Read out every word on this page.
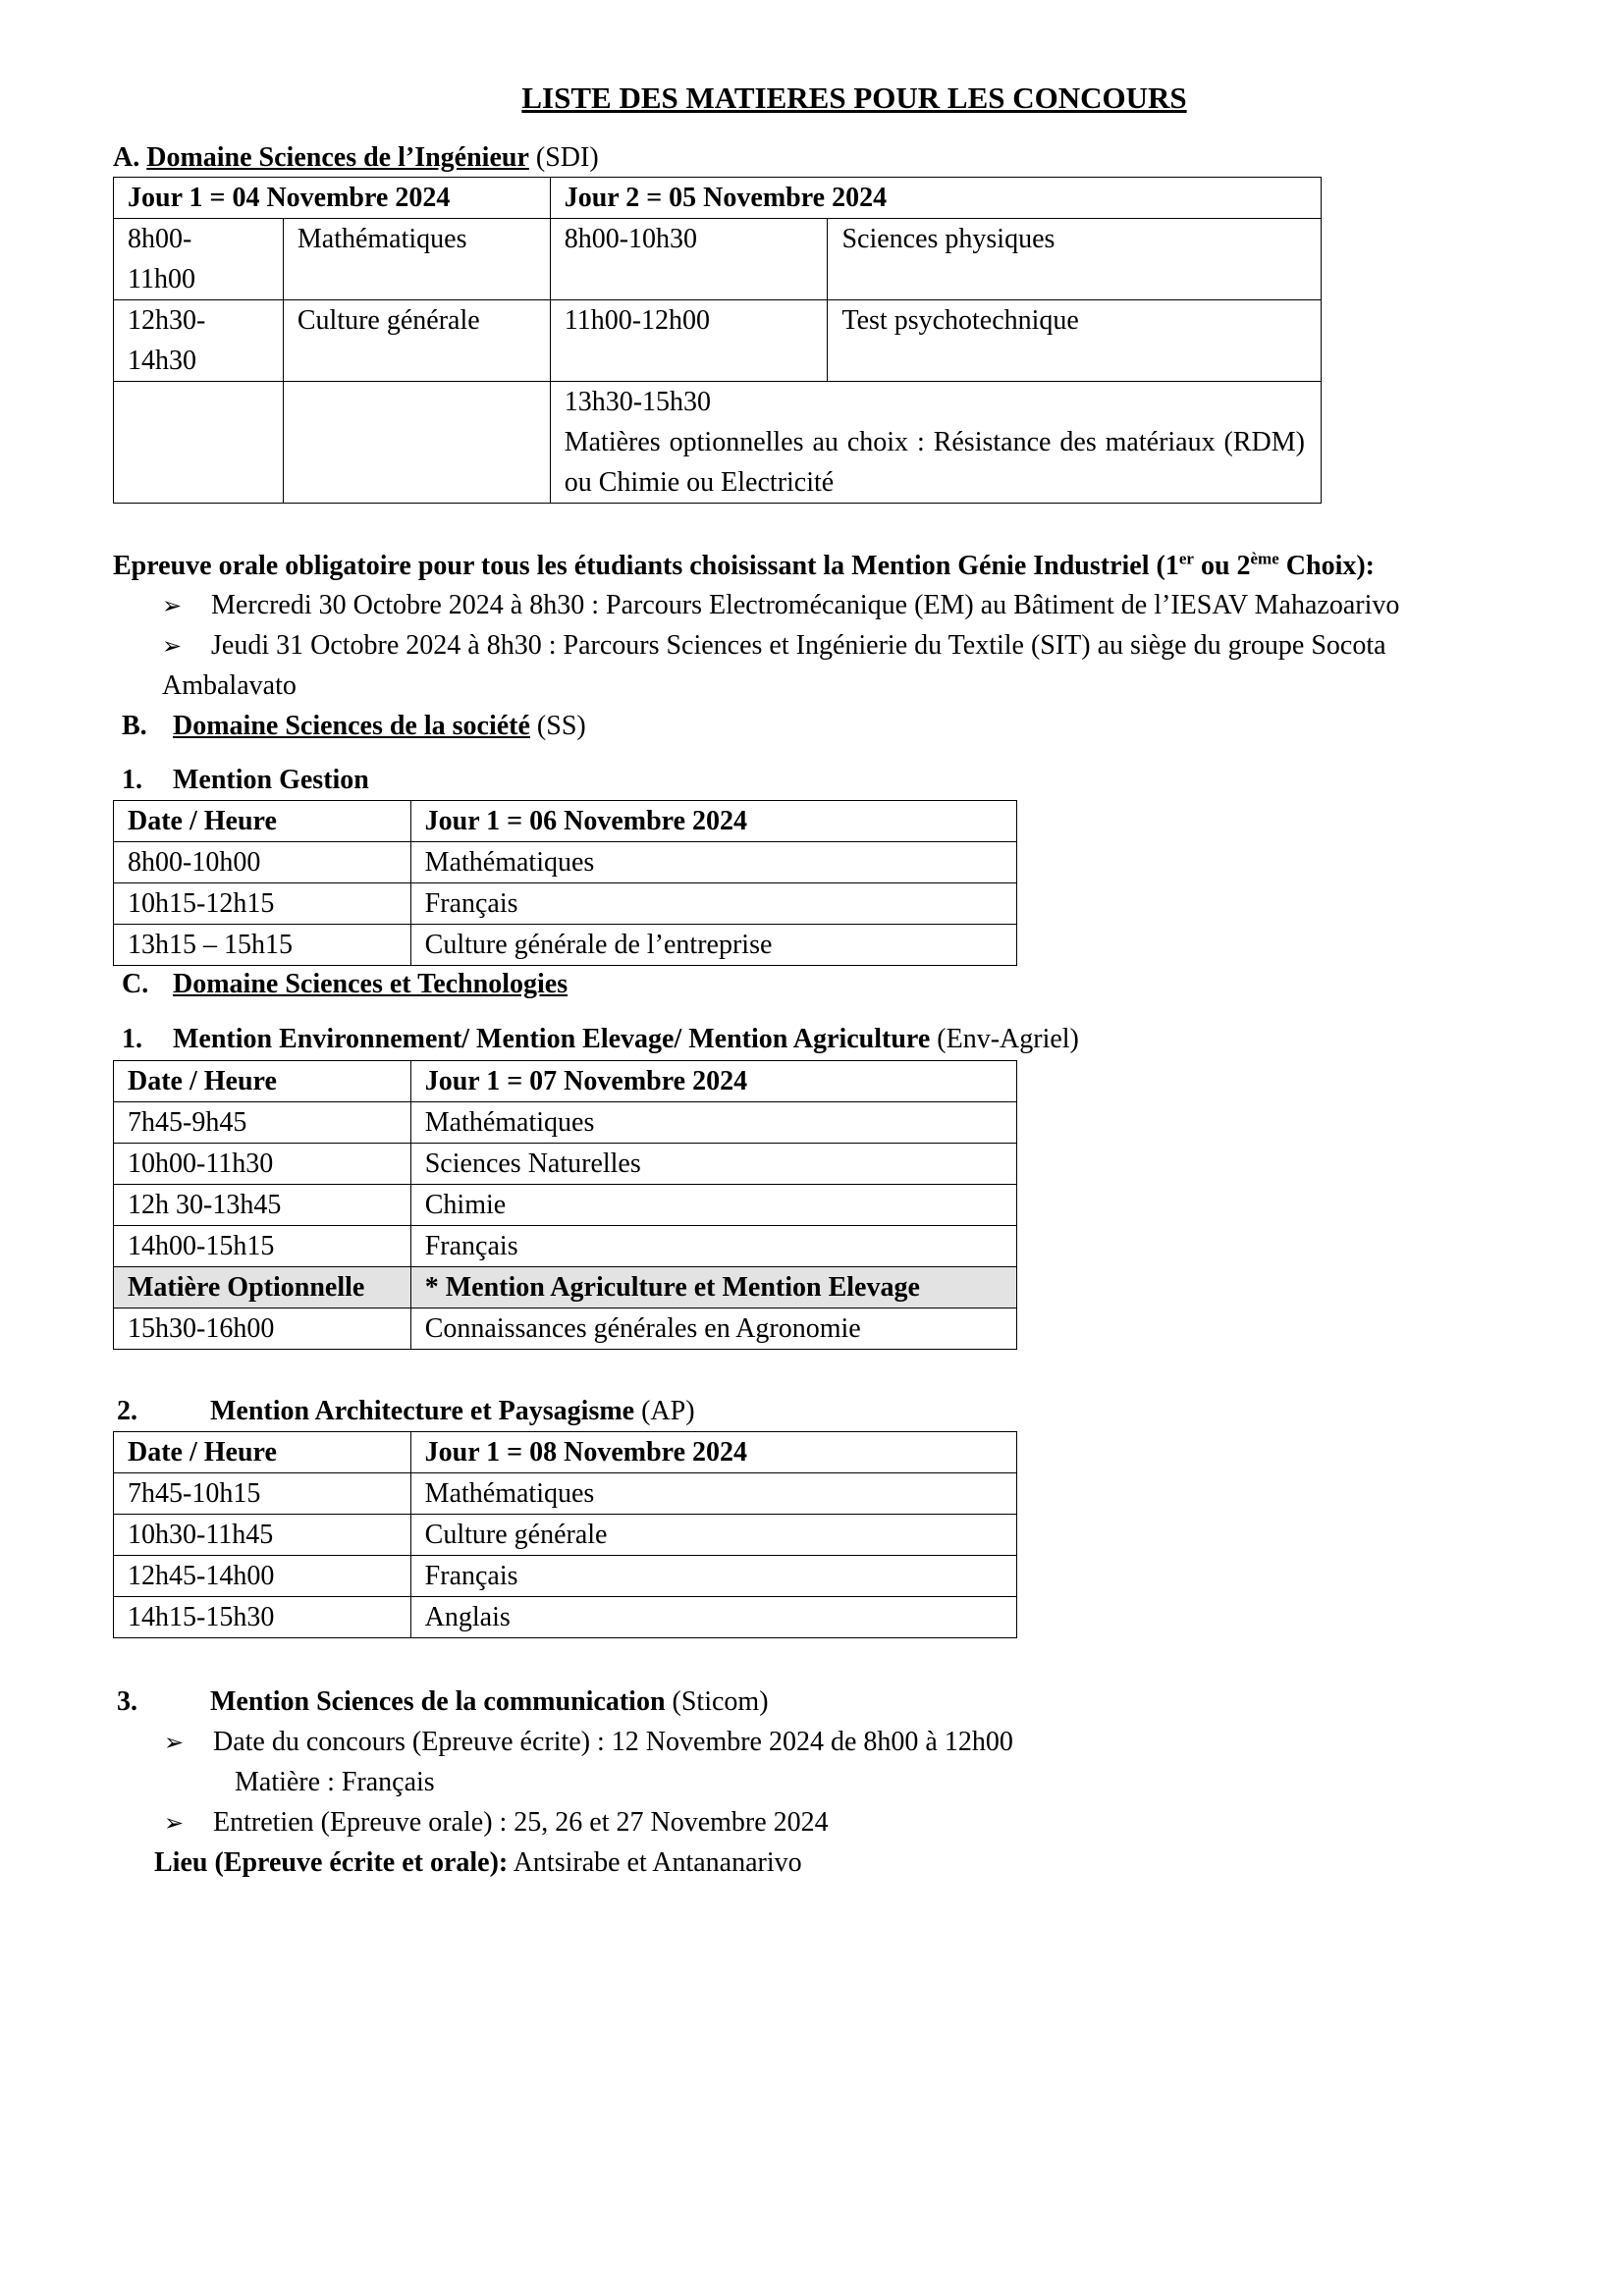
LISTE DES MATIERES POUR LES CONCOURS
A. Domaine Sciences de l’Ingénieur (SDI)
Jour 1 = 04 Novembre 2024		Jour 2 = 05 Novembre 2024	
8h00-
11h00	Mathématiques	8h00-10h30	Sciences physiques
12h30-
14h30	Culture générale	11h00-12h00	Test psychotechnique

		13h30-15h30
Matières optionnelles au choix : Résistance des matériaux (RDM) ou Chimie ou Electricité	
Epreuve orale obligatoire pour tous les étudiants choisissant la Mention Génie Industriel (1er ou 2ème Choix):
➢ Mercredi 30 Octobre 2024 à 8h30 : Parcours Electromécanique (EM) au Bâtiment de l’IESAV Mahazoarivo
➢ Jeudi 31 Octobre 2024 à 8h30 : Parcours Sciences et Ingénierie du Textile (SIT) au siège du groupe Socota
Ambalavato
B. Domaine Sciences de la société (SS)
1. Mention Gestion
Date / Heure	Jour 1 = 06 Novembre 2024
8h00-10h00	Mathématiques
10h15-12h15	Français
13h15 – 15h15	Culture générale de l’entreprise
C. Domaine Sciences et Technologies
1. Mention Environnement/ Mention Elevage/ Mention Agriculture (Env-Agriel)
Date / Heure	Jour 1 = 07 Novembre 2024
7h45-9h45	Mathématiques
10h00-11h30	Sciences Naturelles
12h 30-13h45	Chimie
14h00-15h15	Français
Matière Optionnelle	* Mention Agriculture et Mention Elevage
15h30-16h00	Connaissances générales en Agronomie
2.	Mention Architecture et Paysagisme (AP)
Date / Heure	Jour 1 = 08 Novembre 2024
7h45-10h15	Mathématiques
10h30-11h45	Culture générale
12h45-14h00	Français
14h15-15h30	Anglais
3.	Mention Sciences de la communication (Sticom)
➢ Date du concours (Epreuve écrite) : 12 Novembre 2024 de 8h00 à 12h00
Matière : Français
➢ Entretien (Epreuve orale) : 25, 26 et 27 Novembre 2024
Lieu (Epreuve écrite et orale): Antsirabe et Antananarivo
